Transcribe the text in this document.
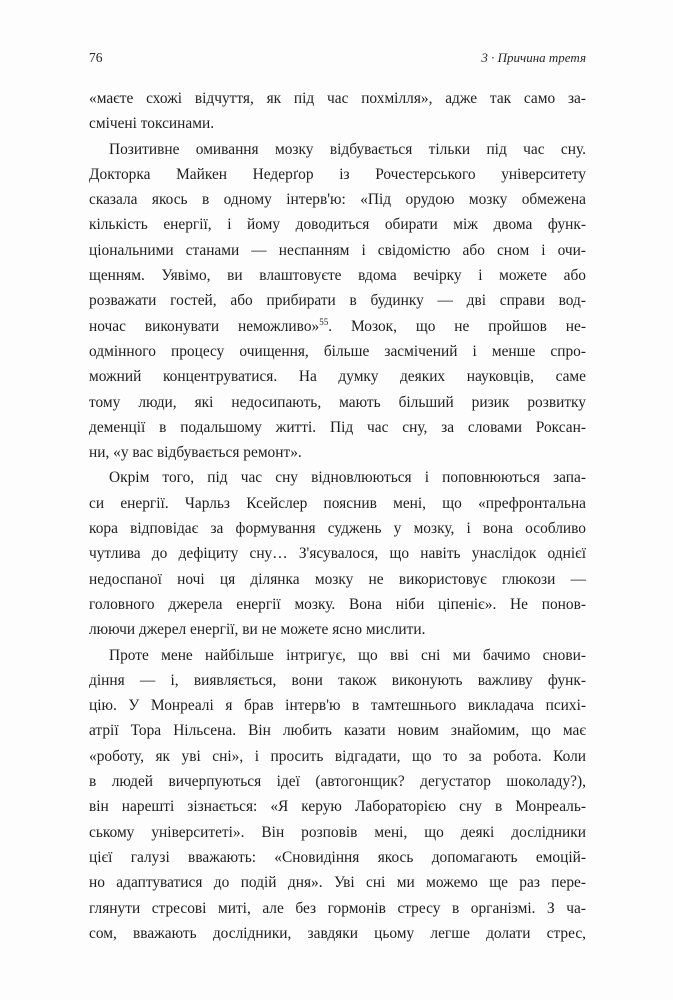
76	3 · Причина третя

«маєте схожі відчуття, як під час похмілля», адже так само за-
смічені токсинами.

Позитивне омивання мозку відбувається тільки під час сну.
Докторка Майкен Недерґор із Рочестерського університету
сказала якось в одному інтерв'ю: «Під орудою мозку обмежена
кількість енергії, і йому доводиться обирати між двома функ-
ціональними станами — неспанням і свідомістю або сном і очи-
щенням. Уявімо, ви влаштовуєте вдома вечірку і можете або
розважати гостей, або прибирати в будинку — дві справи вод-
ночас виконувати неможливо»$^{55}$. Мозок, що не пройшов не-
одмінного процесу очищення, більше засмічений і менше спро-
можний концентруватися. На думку деяких науковців, саме
тому люди, які недосипають, мають більший ризик розвитку
деменції в подальшому житті. Під час сну, за словами Роксан-
ни, «у вас відбувається ремонт».

Окрім того, під час сну відновлюються і поповнюються запа-
си енергії. Чарльз Ксейслер пояснив мені, що «префронтальна
кора відповідає за формування суджень у мозку, і вона особливо
чутлива до дефіциту сну… З'ясувалося, що навіть унаслідок однієї
недоспаної ночі ця ділянка мозку не використовує глюкози —
головного джерела енергії мозку. Вона ніби ціпеніє». Не понов-
люючи джерел енергії, ви не можете ясно мислити.

Проте мене найбільше інтригує, що вві сні ми бачимо снови-
діння — і, виявляється, вони також виконують важливу функ-
цію. У Монреалі я брав інтерв'ю в тамтешнього викладача психі-
атрії Тора Нільсена. Він любить казати новим знайомим, що має
«роботу, як уві сні», і просить відгадати, що то за робота. Коли
в людей вичерпуються ідеї (автогонщик? дегустатор шоколаду?),
він нарешті зізнається: «Я керую Лабораторією сну в Монреаль-
ському університеті». Він розповів мені, що деякі дослідники
цієї галузі вважають: «Сновидіння якось допомагають емоцій-
но адаптуватися до подій дня». Уві сні ми можемо ще раз пере-
глянути стресові миті, але без гормонів стресу в організмі. З ча-
сом, вважають дослідники, завдяки цьому легше долати стрес,
